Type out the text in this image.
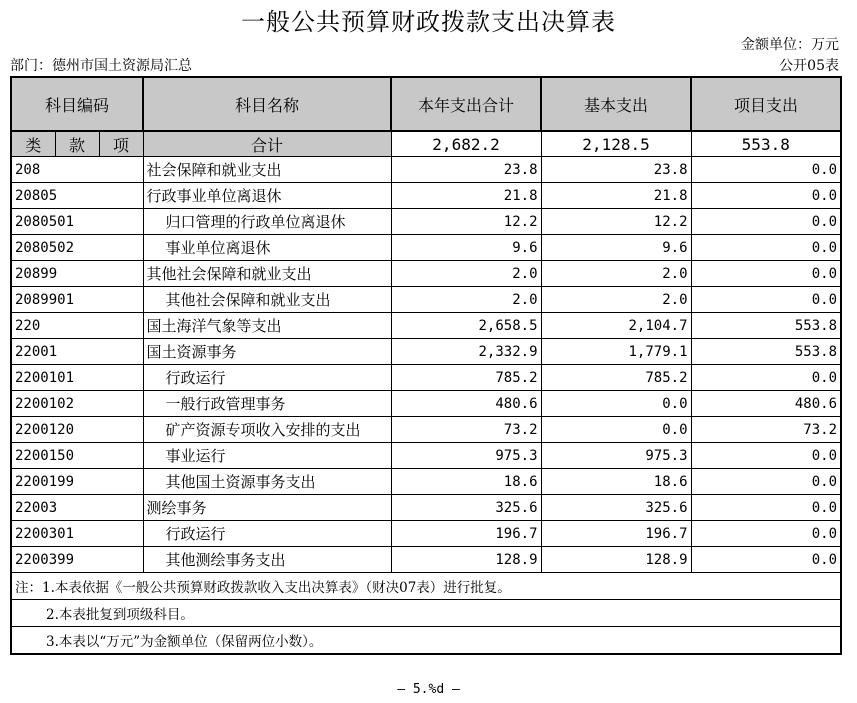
一般公共预算财政拨款支出决算表
金额单位：万元
部门：德州市国土资源局汇总	公开05表
科目编码			科目名称	本年支出合计	基本支出	项目支出
类	款	项	合计	2,682.2	2,128.5	553.8
208			社会保障和就业支出	23.8	23.8	0.0
20805			行政事业单位离退休	21.8	21.8	0.0
2080501			归口管理的行政单位离退休	12.2	12.2	0.0
2080502			事业单位离退休	9.6	9.6	0.0
20899			其他社会保障和就业支出	2.0	2.0	0.0
2089901			其他社会保障和就业支出	2.0	2.0	0.0
220			国土海洋气象等支出	2,658.5	2,104.7	553.8
22001			国土资源事务	2,332.9	1,779.1	553.8
2200101			行政运行	785.2	785.2	0.0
2200102			一般行政管理事务	480.6	0.0	480.6
2200120			矿产资源专项收入安排的支出	73.2	0.0	73.2
2200150			事业运行	975.3	975.3	0.0
2200199			其他国土资源事务支出	18.6	18.6	0.0
22003			测绘事务	325.6	325.6	0.0
2200301			行政运行	196.7	196.7	0.0
2200399			其他测绘事务支出	128.9	128.9	0.0
注：1.本表依据《一般公共预算财政拨款收入支出决算表》（财决07表）进行批复。						
2.本表批复到项级科目。						
3.本表以“万元”为金额单位（保留两位小数）。						
— 5.%d —
